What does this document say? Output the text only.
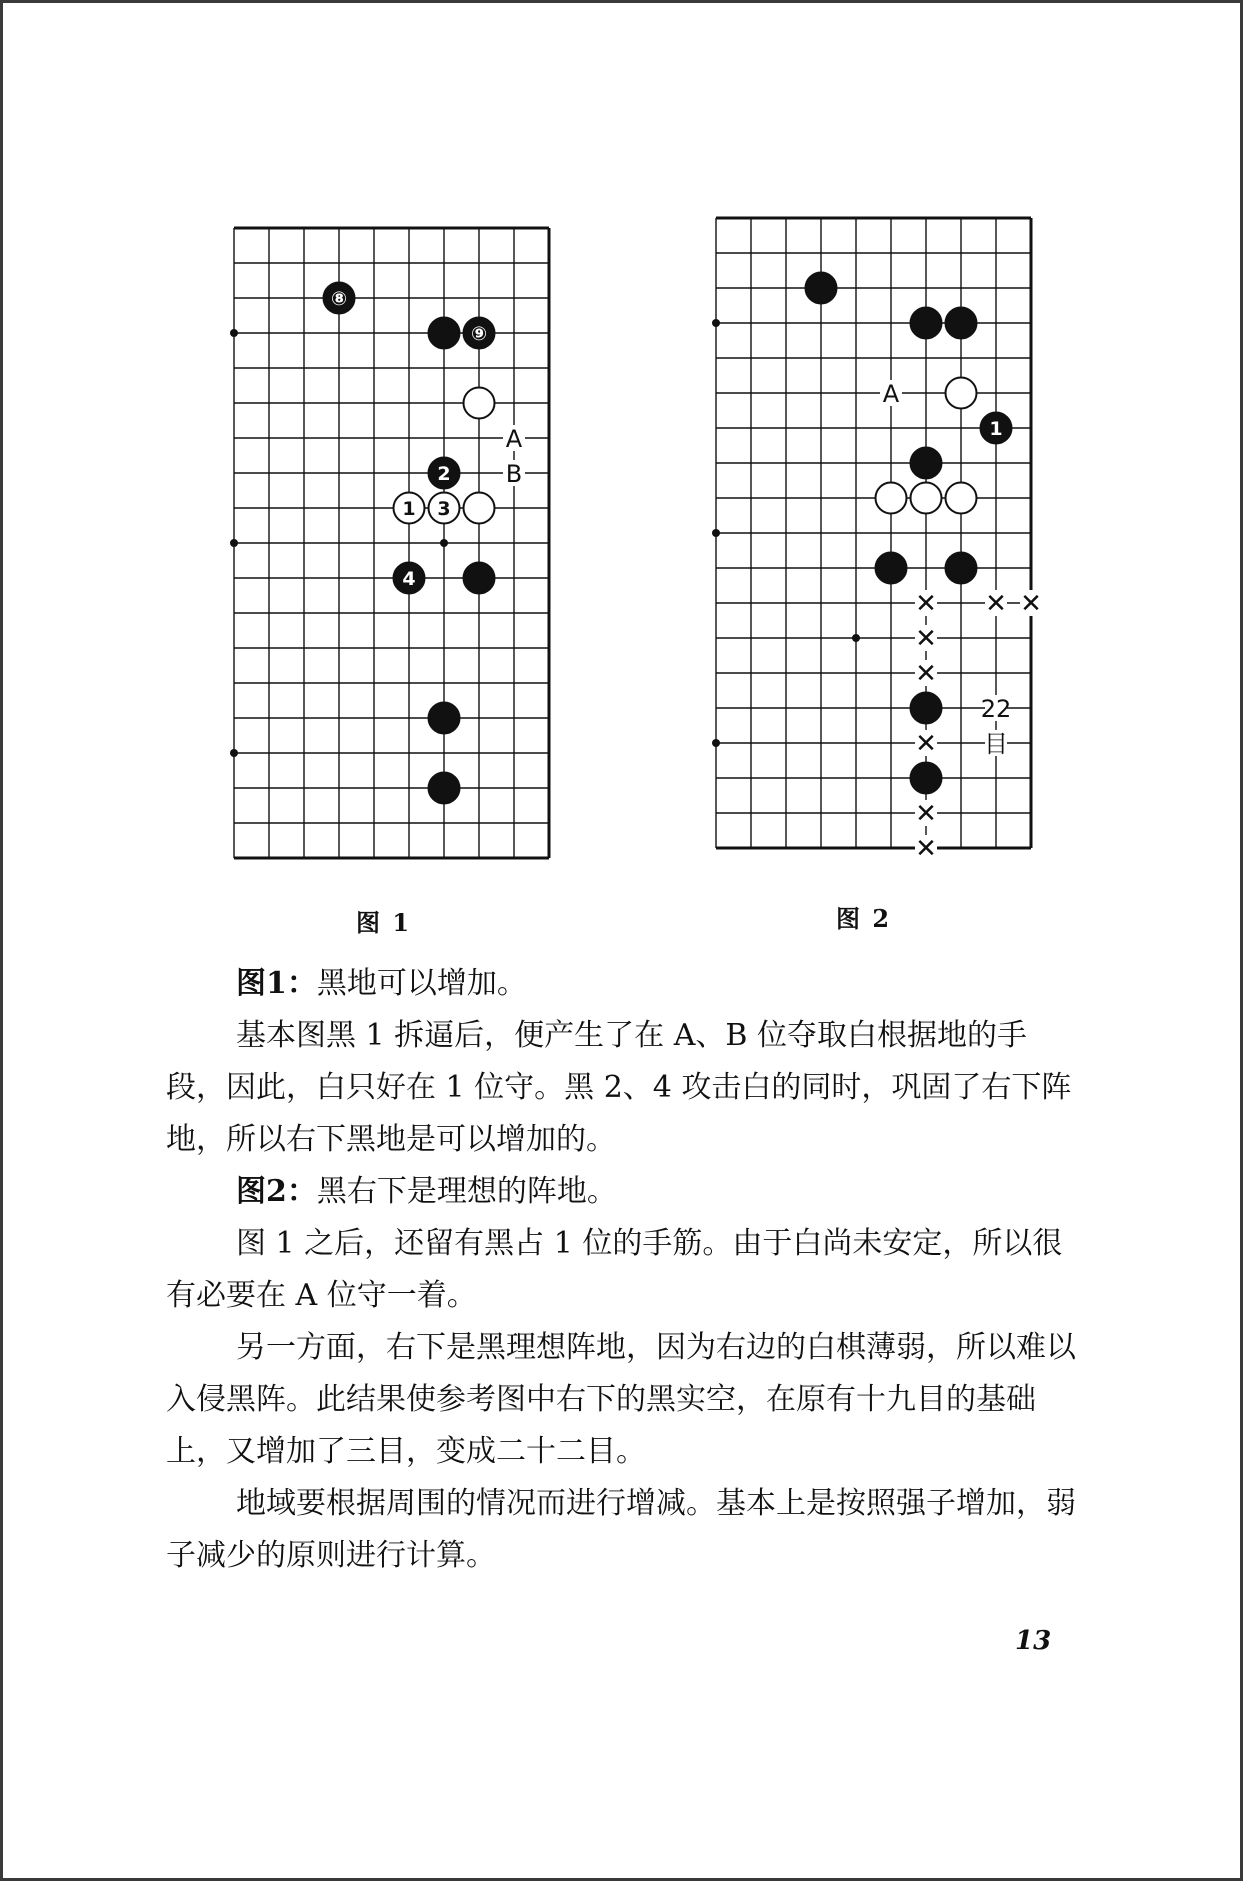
A
B
⑧
⑨
2
1 3
4
图 1
A
✕ ✕ ✕
✕
✕
✕
✕
✕
22
目
1
图 2

图1：黑地可以增加。

基本图黑 1 拆逼后，便产生了在 A、B 位夺取白根据地的手段，因此，白只好在 1 位守。黑 2、4 攻击白的同时，巩固了右下阵地，所以右下黑地是可以增加的。

图2：黑右下是理想的阵地。

图 1 之后，还留有黑占 1 位的手筋。由于白尚未安定，所以很有必要在 A 位守一着。

另一方面，右下是黑理想阵地，因为右边的白棋薄弱，所以难以入侵黑阵。此结果使参考图中右下的黑实空，在原有十九目的基础上，又增加了三目，变成二十二目。

地域要根据周围的情况而进行增减。基本上是按照强子增加，弱子减少的原则进行计算。

13
